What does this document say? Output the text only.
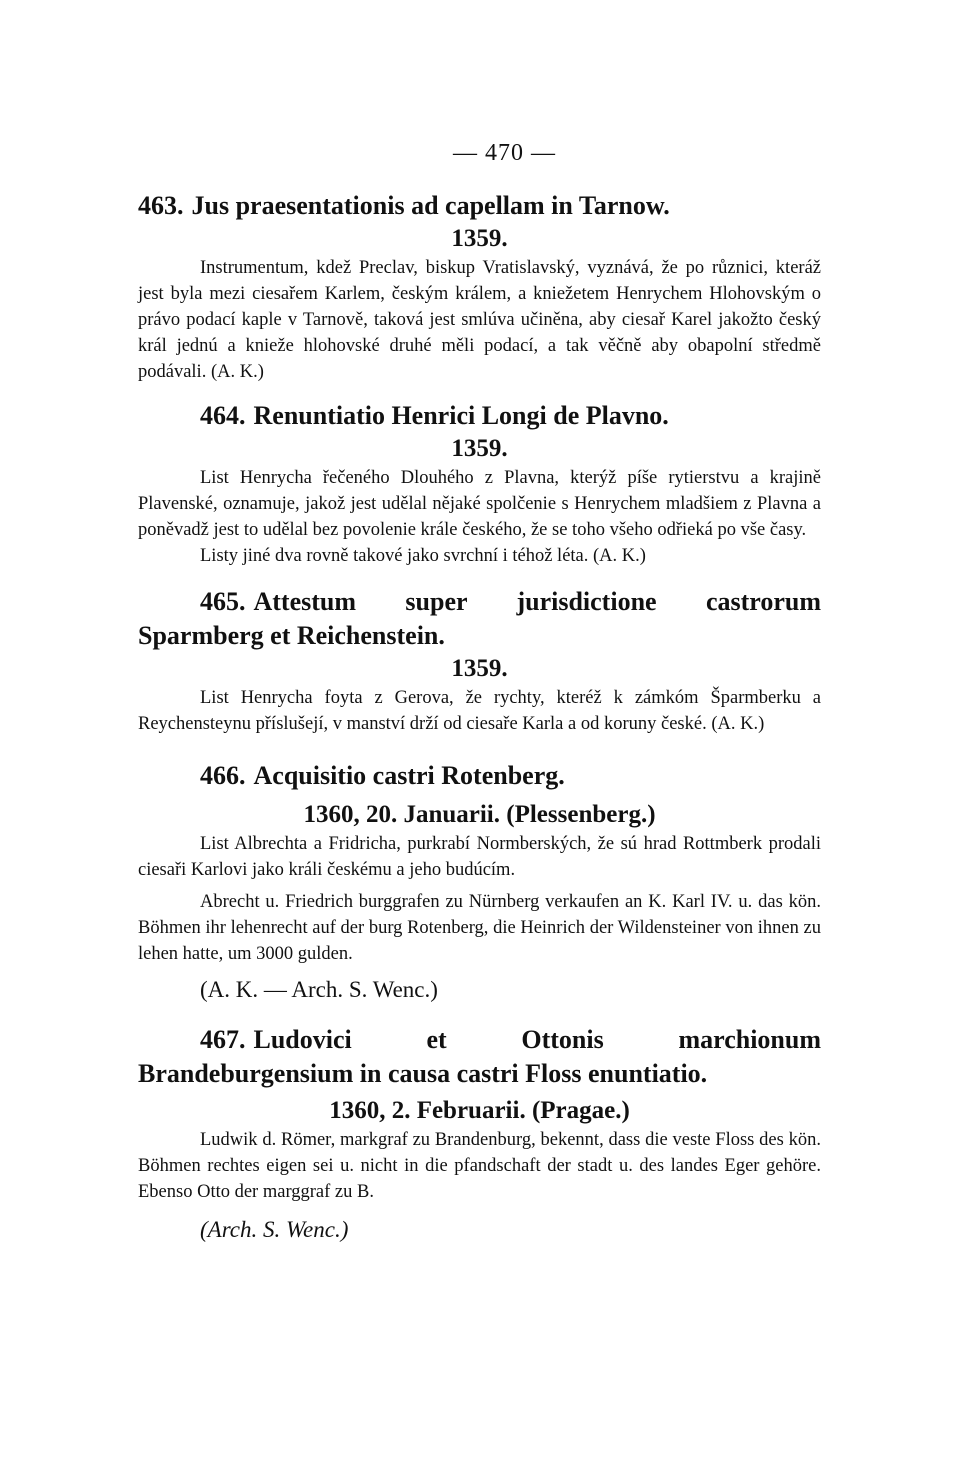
— 470 —

463. Jus praesentationis ad capellam in Tarnow.

1359.

Instrumentum, kdež Preclav, biskup Vratislavský, vyznává, že po různici, kteráž jest byla mezi ciesařem Karlem, českým králem, a kniežetem Henrychem Hlohovským o právo podací kaple v Tarnově, taková jest smlúva učiněna, aby ciesař Karel jakožto český král jednú a knieže hlohovské druhé měli podací, a tak věčně aby obapolní středmě podávali. (A. K.)

464. Renuntiatio Henrici Longi de Plavno.

1359.

List Henrycha řečeného Dlouhého z Plavna, kterýž píše rytierstvu a krajině Plavenské, oznamuje, jakož jest udělal nějaké spolčenie s Henrychem mladšiem z Plavna a poněvadž jest to udělal bez povolenie krále českého, že se toho všeho odřieká po vše časy.

Listy jiné dva rovně takové jako svrchní i téhož léta. (A. K.)

465. Attestum super jurisdictione castrorum Sparmberg et Reichenstein.

1359.

List Henrycha foyta z Gerova, že rychty, kteréž k zámkóm Šparmberku a Reychensteynu příslušejí, v manství drží od ciesaře Karla a od koruny české. (A. K.)

466. Acquisitio castri Rotenberg.

1360, 20. Januarii. (Plessenberg.)

List Albrechta a Fridricha, purkrabí Normberských, že sú hrad Rottmberk prodali ciesaři Karlovi jako králi českému a jeho budúcím.

Abrecht u. Friedrich burggrafen zu Nürnberg verkaufen an K. Karl IV. u. das kön. Böhmen ihr lehenrecht auf der burg Rotenberg, die Heinrich der Wildensteiner von ihnen zu lehen hatte, um 3000 gulden.

(A. K. — Arch. S. Wenc.)

467. Ludovici et Ottonis marchionum Brandeburgensium in causa castri Floss enuntiatio.

1360, 2. Februarii. (Pragae.)

Ludwik d. Römer, markgraf zu Brandenburg, bekennt, dass die veste Floss des kön. Böhmen rechtes eigen sei u. nicht in die pfandschaft der stadt u. des landes Eger gehöre. Ebenso Otto der marggraf zu B.

(Arch. S. Wenc.)
